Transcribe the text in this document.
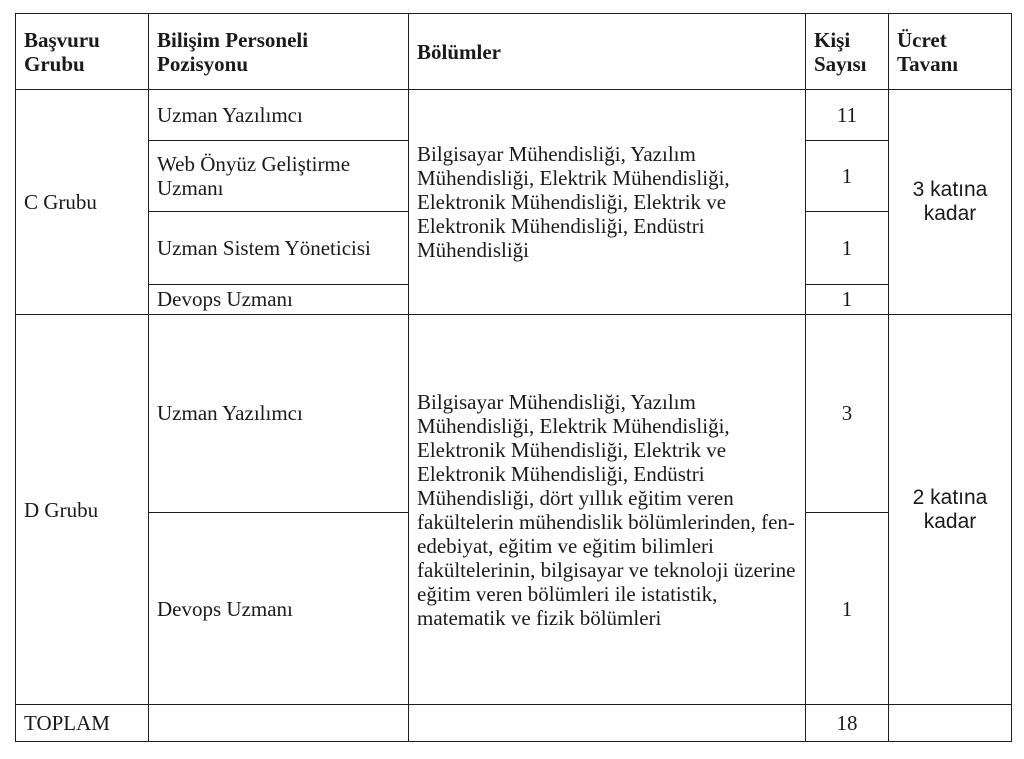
Başvuru Grubu	Bilişim Personeli Pozisyonu	Bölümler	Kişi Sayısı	Ücret Tavanı
C Grubu	Uzman Yazılımcı	Bilgisayar Mühendisliği, Yazılım Mühendisliği, Elektrik Mühendisliği, Elektronik Mühendisliği, Elektrik ve Elektronik Mühendisliği, Endüstri Mühendisliği	11	3 katına kadar
	Web Önyüz Geliştirme Uzmanı		1	
	Uzman Sistem Yöneticisi		1	
	Devops Uzmanı		1	
D Grubu	Uzman Yazılımcı	Bilgisayar Mühendisliği, Yazılım Mühendisliği, Elektrik Mühendisliği, Elektronik Mühendisliği, Elektrik ve Elektronik Mühendisliği, Endüstri Mühendisliği, dört yıllık eğitim veren fakültelerin mühendislik bölümlerinden, fen-edebiyat, eğitim ve eğitim bilimleri fakültelerinin, bilgisayar ve teknoloji üzerine eğitim veren bölümleri ile istatistik, matematik ve fizik bölümleri	3	2 katına kadar
	Devops Uzmanı		1	
TOPLAM			18	
